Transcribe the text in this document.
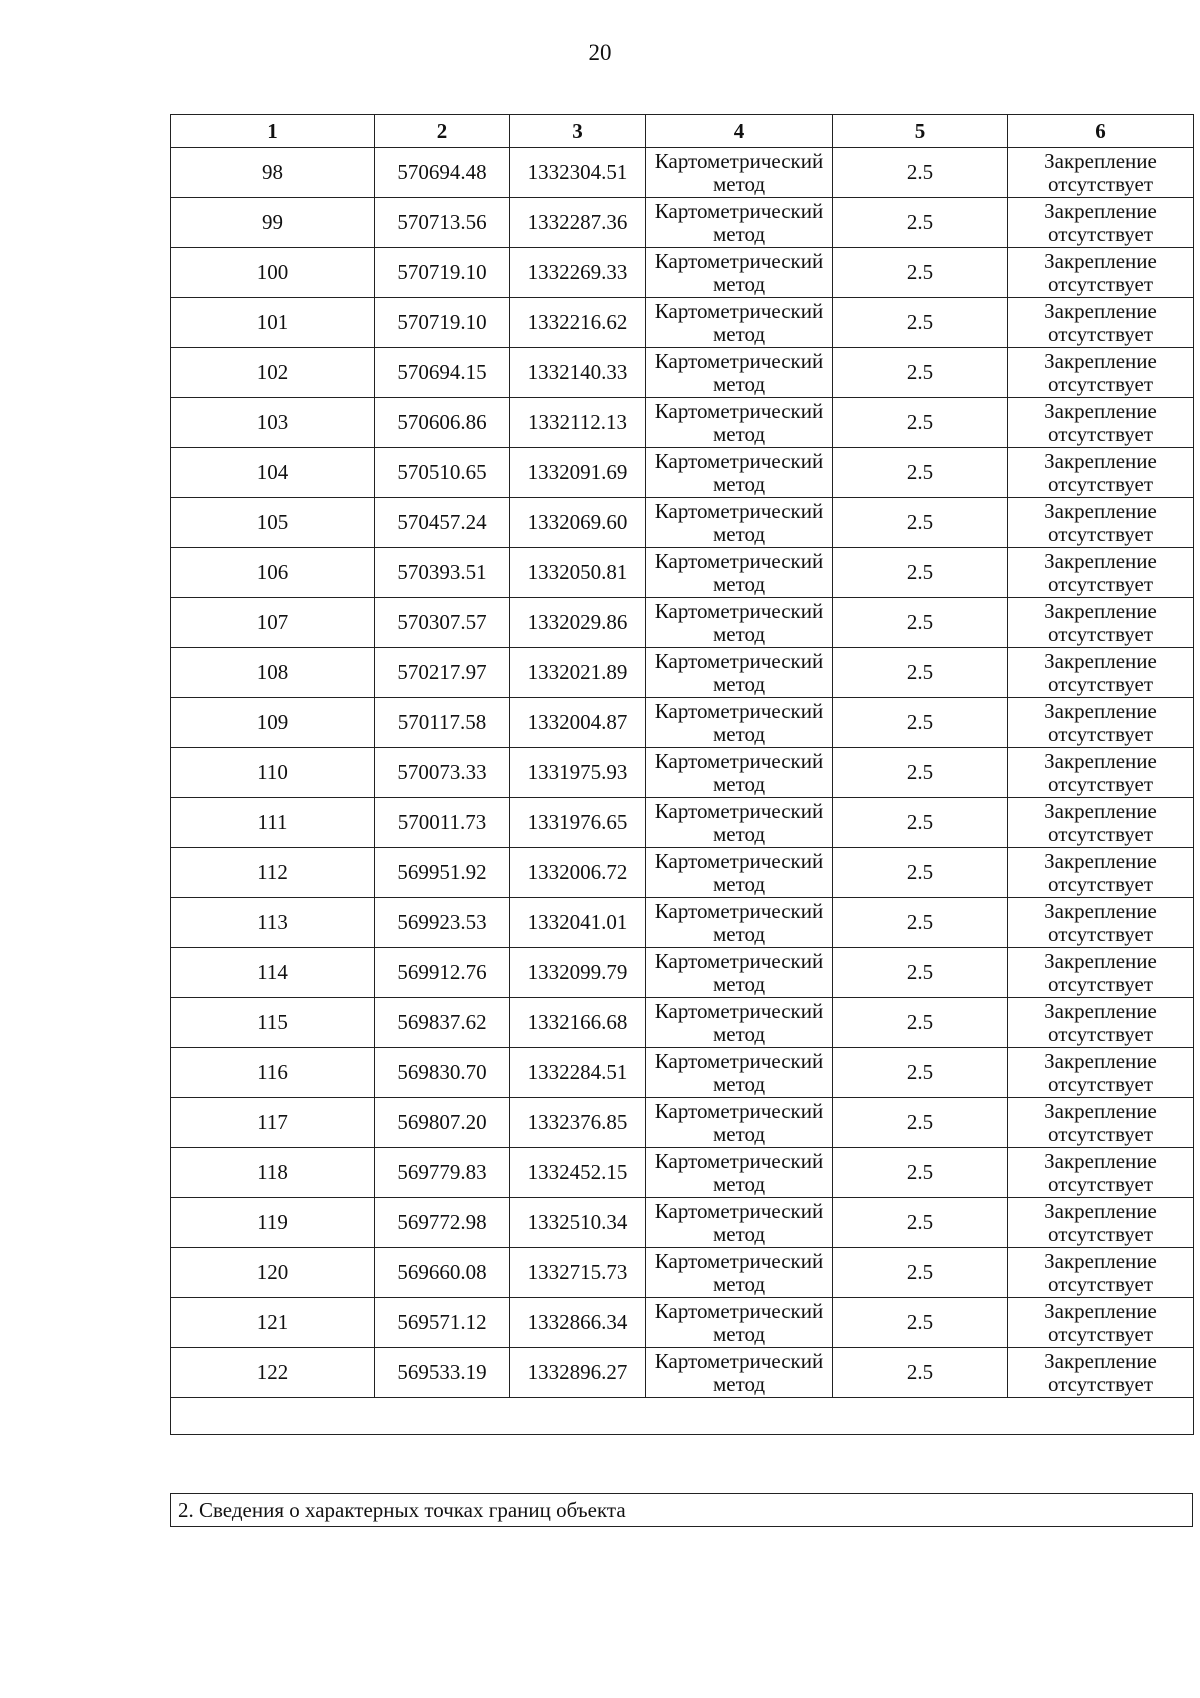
20
1	2	3	4	5	6
98	570694.48	1332304.51	Картометрический метод	2.5	Закрепление отсутствует
99	570713.56	1332287.36	Картометрический метод	2.5	Закрепление отсутствует
100	570719.10	1332269.33	Картометрический метод	2.5	Закрепление отсутствует
101	570719.10	1332216.62	Картометрический метод	2.5	Закрепление отсутствует
102	570694.15	1332140.33	Картометрический метод	2.5	Закрепление отсутствует
103	570606.86	1332112.13	Картометрический метод	2.5	Закрепление отсутствует
104	570510.65	1332091.69	Картометрический метод	2.5	Закрепление отсутствует
105	570457.24	1332069.60	Картометрический метод	2.5	Закрепление отсутствует
106	570393.51	1332050.81	Картометрический метод	2.5	Закрепление отсутствует
107	570307.57	1332029.86	Картометрический метод	2.5	Закрепление отсутствует
108	570217.97	1332021.89	Картометрический метод	2.5	Закрепление отсутствует
109	570117.58	1332004.87	Картометрический метод	2.5	Закрепление отсутствует
110	570073.33	1331975.93	Картометрический метод	2.5	Закрепление отсутствует
111	570011.73	1331976.65	Картометрический метод	2.5	Закрепление отсутствует
112	569951.92	1332006.72	Картометрический метод	2.5	Закрепление отсутствует
113	569923.53	1332041.01	Картометрический метод	2.5	Закрепление отсутствует
114	569912.76	1332099.79	Картометрический метод	2.5	Закрепление отсутствует
115	569837.62	1332166.68	Картометрический метод	2.5	Закрепление отсутствует
116	569830.70	1332284.51	Картометрический метод	2.5	Закрепление отсутствует
117	569807.20	1332376.85	Картометрический метод	2.5	Закрепление отсутствует
118	569779.83	1332452.15	Картометрический метод	2.5	Закрепление отсутствует
119	569772.98	1332510.34	Картометрический метод	2.5	Закрепление отсутствует
120	569660.08	1332715.73	Картометрический метод	2.5	Закрепление отсутствует
121	569571.12	1332866.34	Картометрический метод	2.5	Закрепление отсутствует
122	569533.19	1332896.27	Картометрический метод	2.5	Закрепление отсутствует

2. Сведения о характерных точках границ объекта
